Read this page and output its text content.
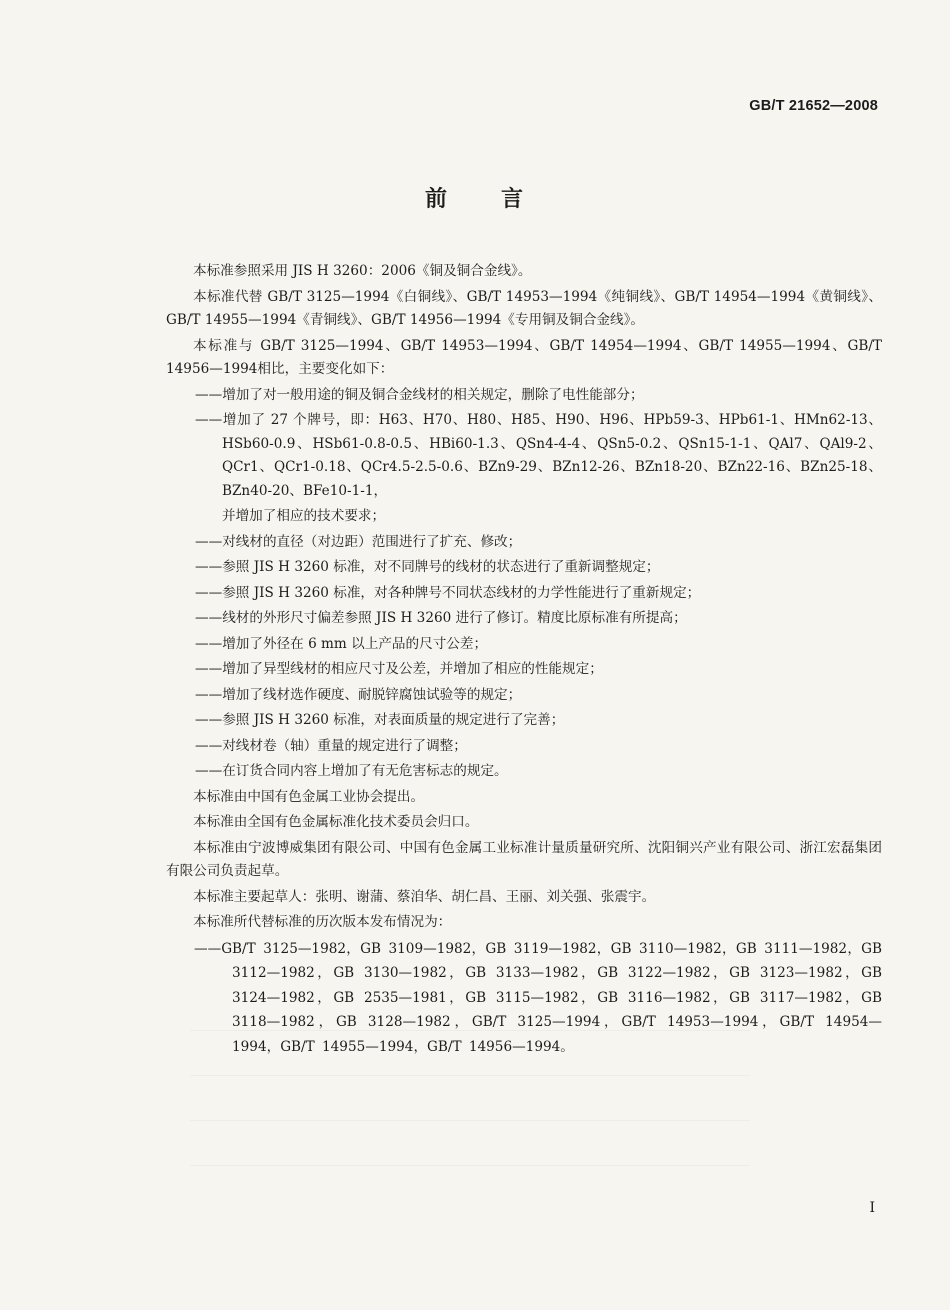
GB/T 21652—2008
前 言

本标准参照采用 JIS H 3260：2006《铜及铜合金线》。

本标准代替 GB/T 3125—1994《白铜线》、GB/T 14953—1994《纯铜线》、GB/T 14954—1994《黄铜线》、GB/T 14955—1994《青铜线》、GB/T 14956—1994《专用铜及铜合金线》。

本标准与 GB/T 3125—1994、GB/T 14953—1994、GB/T 14954—1994、GB/T 14955—1994、GB/T 14956—1994相比，主要变化如下：

——增加了对一般用途的铜及铜合金线材的相关规定，删除了电性能部分；

——增加了 27 个牌号，即：H63、H70、H80、H85、H90、H96、HPb59-3、HPb61-1、HMn62-13、HSb60-0.9、HSb61-0.8-0.5、HBi60-1.3、QSn4-4-4、QSn5-0.2、QSn15-1-1、QAl7、QAl9-2、QCr1、QCr1-0.18、QCr4.5-2.5-0.6、BZn9-29、BZn12-26、BZn18-20、BZn22-16、BZn25-18、BZn40-20、BFe10-1-1，

并增加了相应的技术要求；

——对线材的直径（对边距）范围进行了扩充、修改；

——参照 JIS H 3260 标准，对不同牌号的线材的状态进行了重新调整规定；

——参照 JIS H 3260 标准，对各种牌号不同状态线材的力学性能进行了重新规定；

——线材的外形尺寸偏差参照 JIS H 3260 进行了修订。精度比原标准有所提高；

——增加了外径在 6 mm 以上产品的尺寸公差；

——增加了异型线材的相应尺寸及公差，并增加了相应的性能规定；

——增加了线材选作硬度、耐脱锌腐蚀试验等的规定；

——参照 JIS H 3260 标准，对表面质量的规定进行了完善；

——对线材卷（轴）重量的规定进行了调整；

——在订货合同内容上增加了有无危害标志的规定。

本标准由中国有色金属工业协会提出。

本标准由全国有色金属标准化技术委员会归口。

本标准由宁波博威集团有限公司、中国有色金属工业标准计量质量研究所、沈阳铜兴产业有限公司、浙江宏磊集团有限公司负责起草。

本标准主要起草人：张明、谢蒲、蔡洎华、胡仁昌、王丽、刘关强、张震宇。

本标准所代替标准的历次版本发布情况为：

——GB/T 3125—1982，GB 3109—1982，GB 3119—1982，GB 3110—1982，GB 3111—1982，GB 3112—1982，GB 3130—1982，GB 3133—1982，GB 3122—1982，GB 3123—1982，GB 3124—1982，GB 2535—1981，GB 3115—1982，GB 3116—1982，GB 3117—1982，GB 3118—1982，GB 3128—1982，GB/T 3125—1994，GB/T 14953—1994，GB/T 14954—1994，GB/T 14955—1994，GB/T 14956—1994。

I
